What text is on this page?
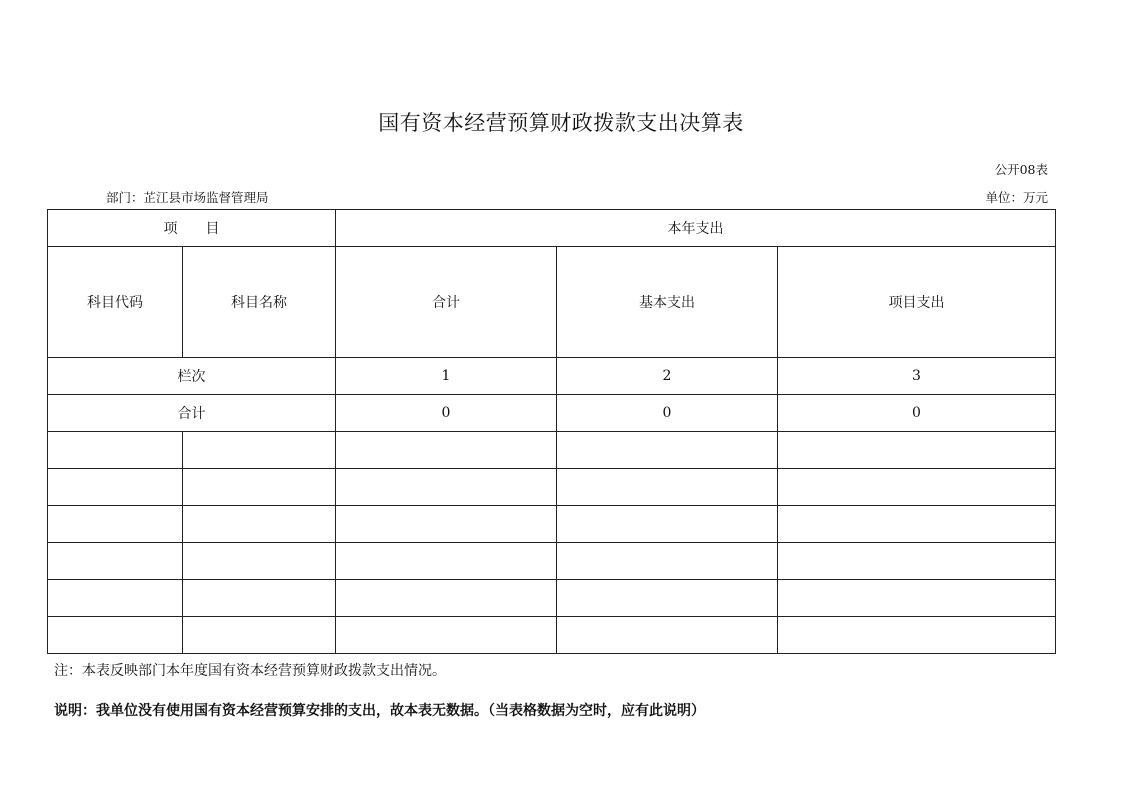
国有资本经营预算财政拨款支出决算表
公开08表
部门：芷江县市场监督管理局	单位：万元
项　　目		本年支出		
科目代码	科目名称	合计	基本支出	项目支出
栏次		1	2	3
合计		0	0	0

注：本表反映部门本年度国有资本经营预算财政拨款支出情况。
说明：我单位没有使用国有资本经营预算安排的支出，故本表无数据。（当表格数据为空时，应有此说明）
